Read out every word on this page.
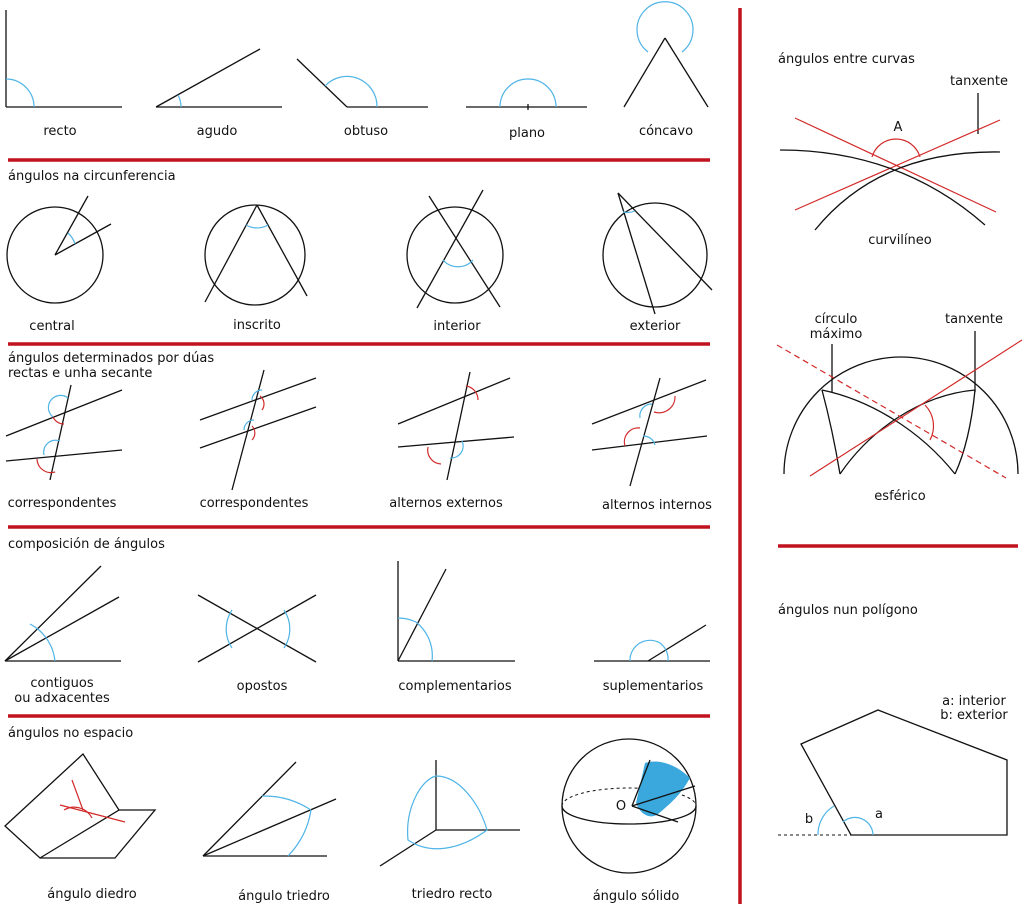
recto	agudo	obtuso	plano	cóncavo
ángulos na circunferencia
central	inscrito	interior	exterior
ángulos determinados por dúas
rectas e unha secante
correspondentes	correspondentes	alternos externos	alternos internos
composición de ángulos
contiguos
ou adxacentes
opostos	complementarios	suplementarios
ángulos no espacio
ángulo diedro	ángulo triedro	triedro recto
O
ángulo sólido
ángulos entre curvas
tanxente
A
curvilíneo
círculo
máximo
tanxente
esférico
ángulos nun polígono
a: interior
b: exterior
b	a
